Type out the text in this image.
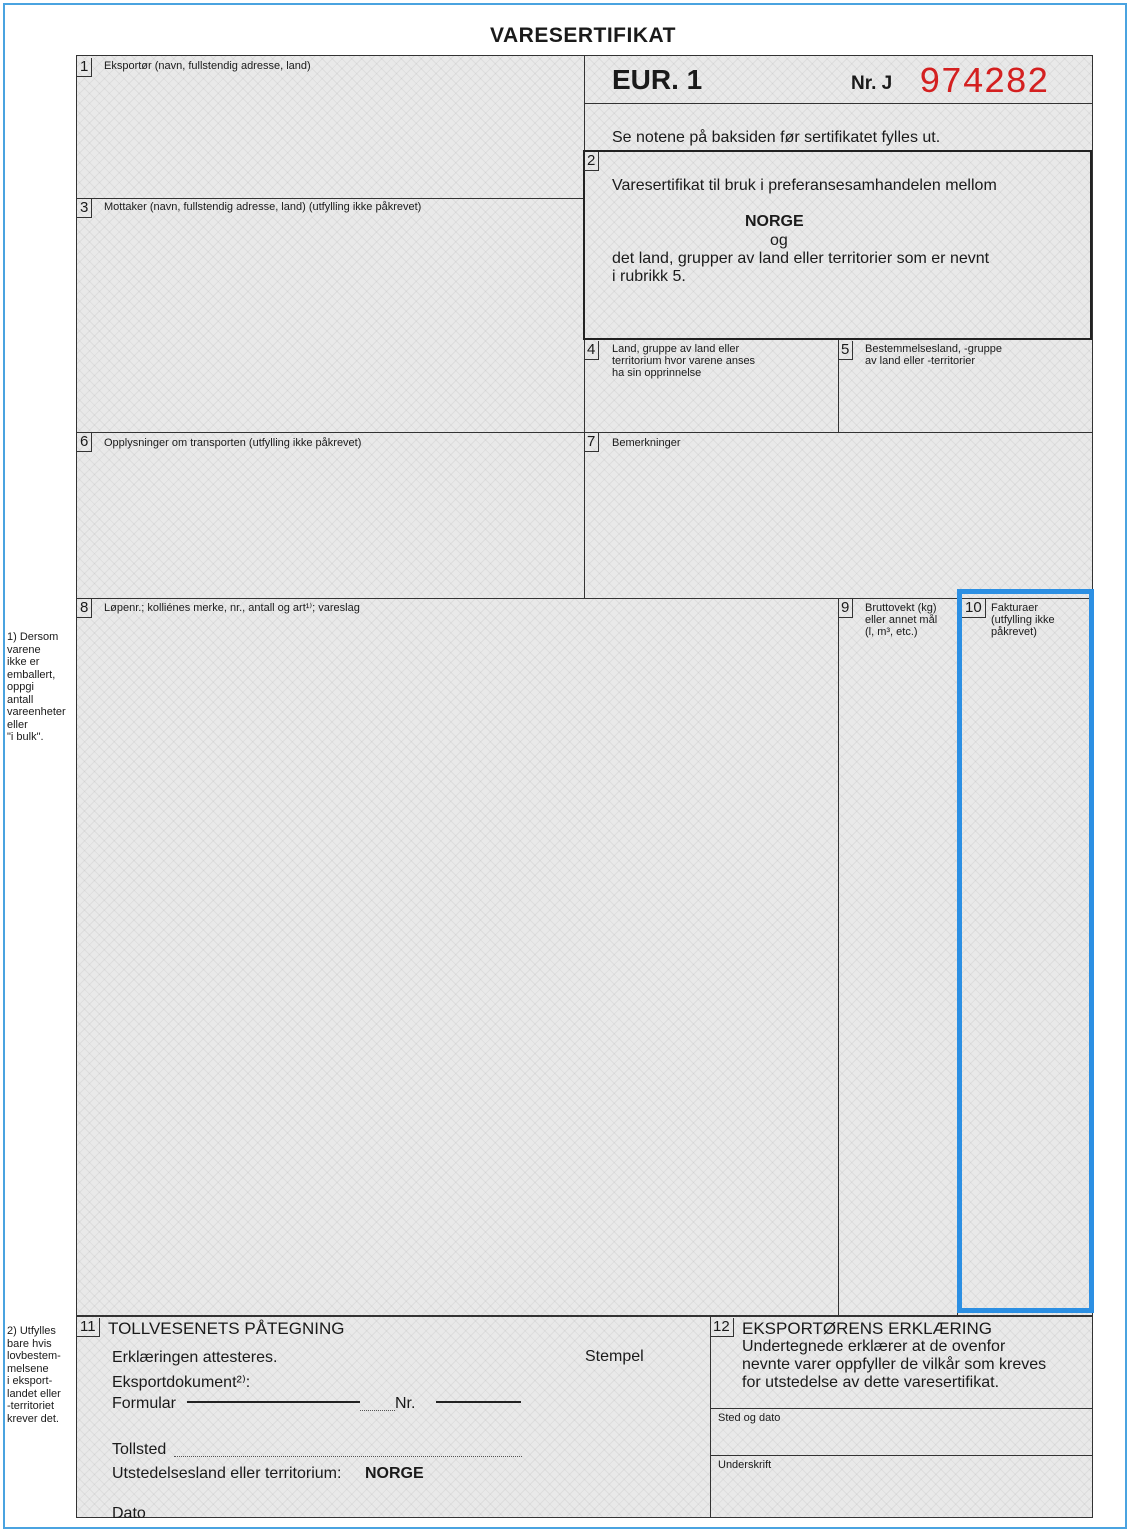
VARESERTIFIKAT
1) Dersom
varene
ikke er
emballert,
oppgi
antall
vareenheter
eller
"i bulk".
2) Utfylles
bare hvis
lovbestem-
melsene
i eksport-
landet eller
-territoriet
krever det.
1	Eksportør (navn, fullstendig adresse, land)	EUR. 1	Nr. J 974282
Se notene på baksiden før sertifikatet fylles ut.
2
Varesertifikat til bruk i preferansesamhandelen mellom
NORGE
og
det land, grupper av land eller territorier som er nevnt
i rubrikk 5.
3	Mottaker (navn, fullstendig adresse, land) (utfylling ikke påkrevet)
4	Land, gruppe av land eller
territorium hvor varene anses
ha sin opprinnelse
5	Bestemmelsesland, -gruppe
av land eller -territorier
6	Opplysninger om transporten (utfylling ikke påkrevet)	7	Bemerkninger
8	Løpenr.; kolliénes merke, nr., antall og art¹⁾; vareslag	9	Bruttovekt (kg)
eller annet mål
(l, m³, etc.)
10 Fakturaer
(utfylling ikke
påkrevet)
11 TOLLVESENETS PÅTEGNING
Erklæringen attesteres.	Stempel
Eksportdokument²⁾:
Formular	Nr.
Tollsted
Utstedelsesland eller territorium: NORGE
Dato
12 EKSPORTØRENS ERKLÆRING
Undertegnede erklærer at de ovenfor
nevnte varer oppfyller de vilkår som kreves
for utstedelse av dette varesertifikat.
Sted og dato
Underskrift
